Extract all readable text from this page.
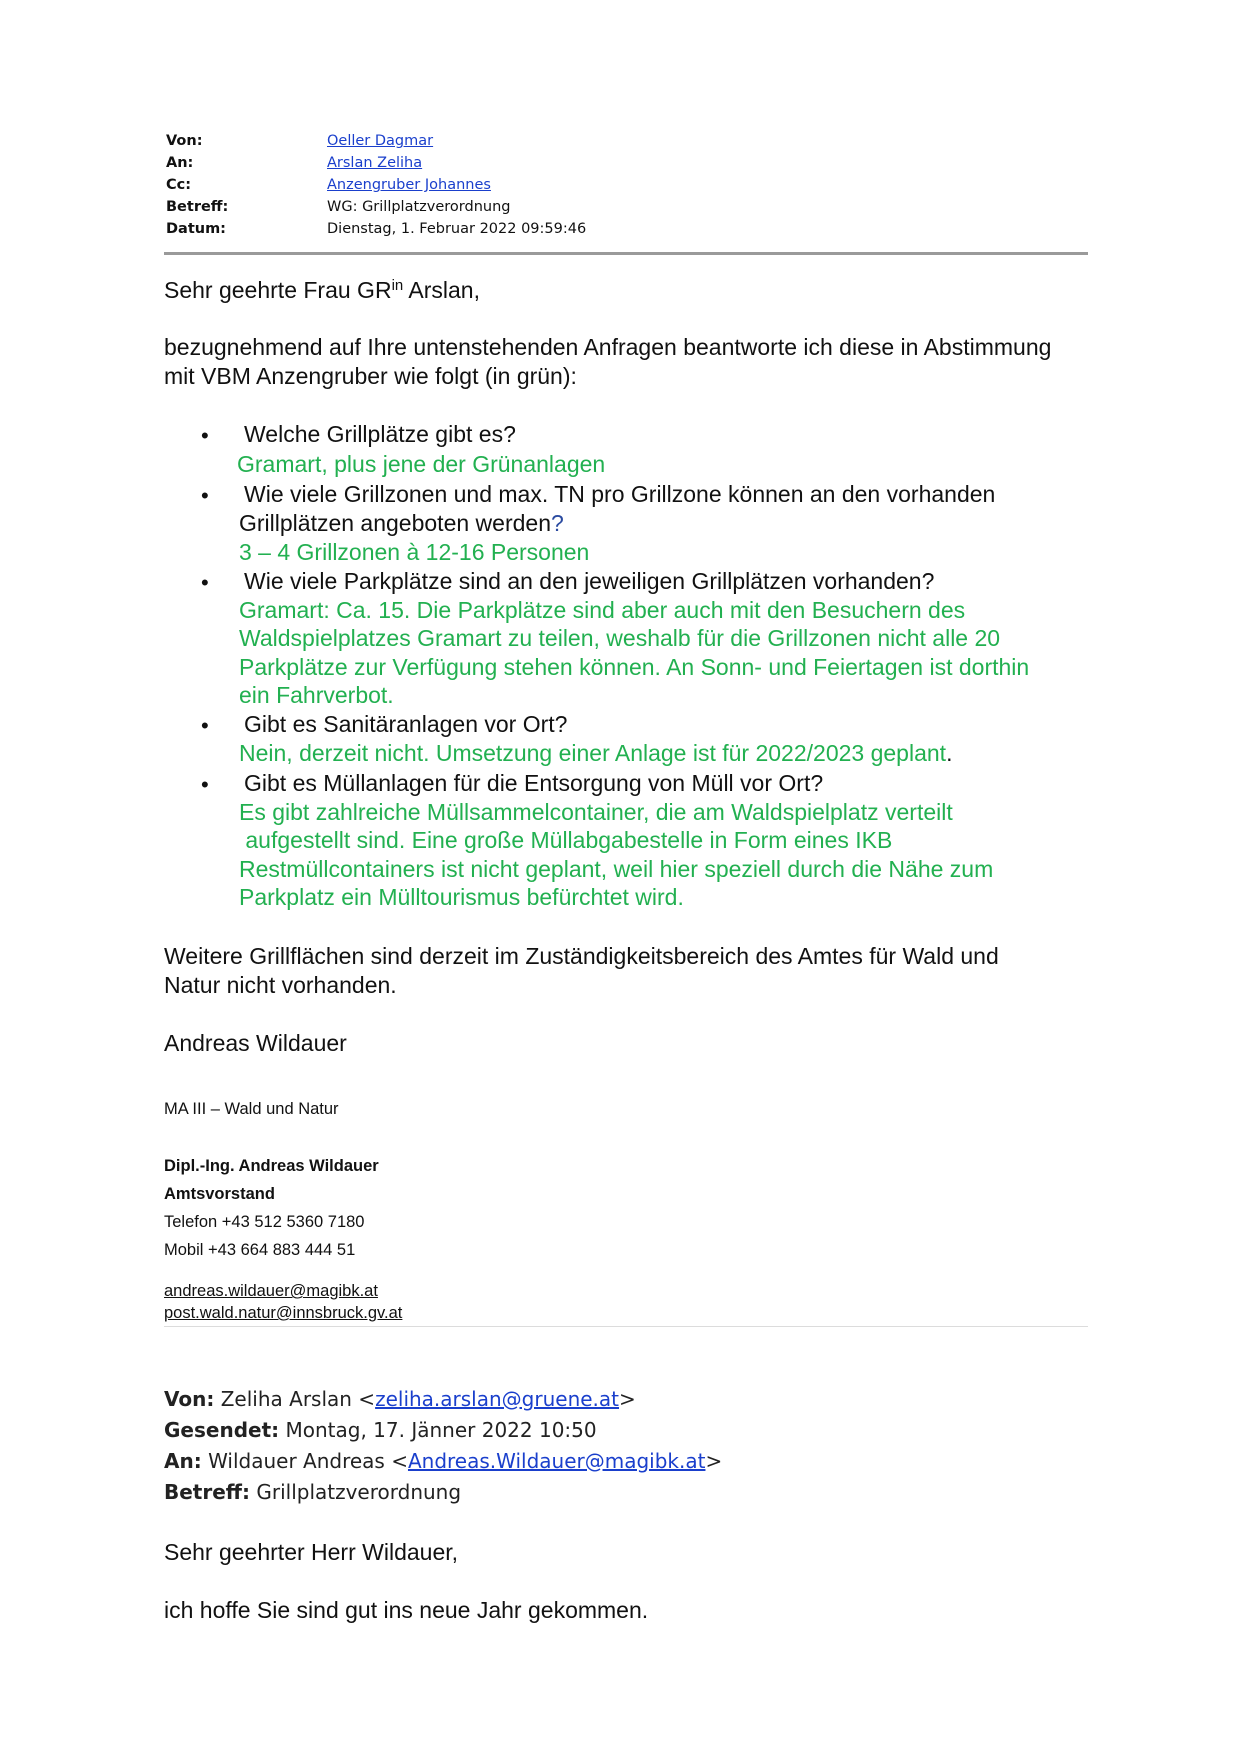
Von:	Oeller Dagmar
An:	Arslan Zeliha
Cc:	Anzengruber Johannes
Betreff:	WG: Grillplatzverordnung
Datum:	Dienstag, 1. Februar 2022 09:59:46
Sehr geehrte Frau $GR^{in}$ Arslan,
bezugnehmend auf Ihre untenstehenden Anfragen beantworte ich diese in Abstimmung
mit VBM Anzengruber wie folgt (in grün):
• Welche Grillplätze gibt es?
Gramart, plus jene der Grünanlagen
• Wie viele Grillzonen und max. TN pro Grillzone können an den vorhanden
Grillplätzen angeboten werden?
3 – 4 Grillzonen à 12-16 Personen
• Wie viele Parkplätze sind an den jeweiligen Grillplätzen vorhanden?
Gramart: Ca. 15. Die Parkplätze sind aber auch mit den Besuchern des
Waldspielplatzes Gramart zu teilen, weshalb für die Grillzonen nicht alle 20
Parkplätze zur Verfügung stehen können. An Sonn- und Feiertagen ist dorthin
ein Fahrverbot.
• Gibt es Sanitäranlagen vor Ort?
Nein, derzeit nicht. Umsetzung einer Anlage ist für 2022/2023 geplant.
• Gibt es Müllanlagen für die Entsorgung von Müll vor Ort?
Es gibt zahlreiche Müllsammelcontainer, die am Waldspielplatz verteilt
aufgestellt sind. Eine große Müllabgabestelle in Form eines IKB
Restmüllcontainers ist nicht geplant, weil hier speziell durch die Nähe zum
Parkplatz ein Mülltourismus befürchtet wird.
Weitere Grillflächen sind derzeit im Zuständigkeitsbereich des Amtes für Wald und
Natur nicht vorhanden.
Andreas Wildauer
MA III – Wald und Natur
Dipl.-Ing. Andreas Wildauer
Amtsvorstand
Telefon +43 512 5360 7180
Mobil +43 664 883 444 51
andreas.wildauer@magibk.at
post.wald.natur@innsbruck.gv.at
Von: Zeliha Arslan <zeliha.arslan@gruene.at>
Gesendet: Montag, 17. Jänner 2022 10:50
An: Wildauer Andreas <Andreas.Wildauer@magibk.at>
Betreff: Grillplatzverordnung
Sehr geehrter Herr Wildauer,
ich hoffe Sie sind gut ins neue Jahr gekommen.
